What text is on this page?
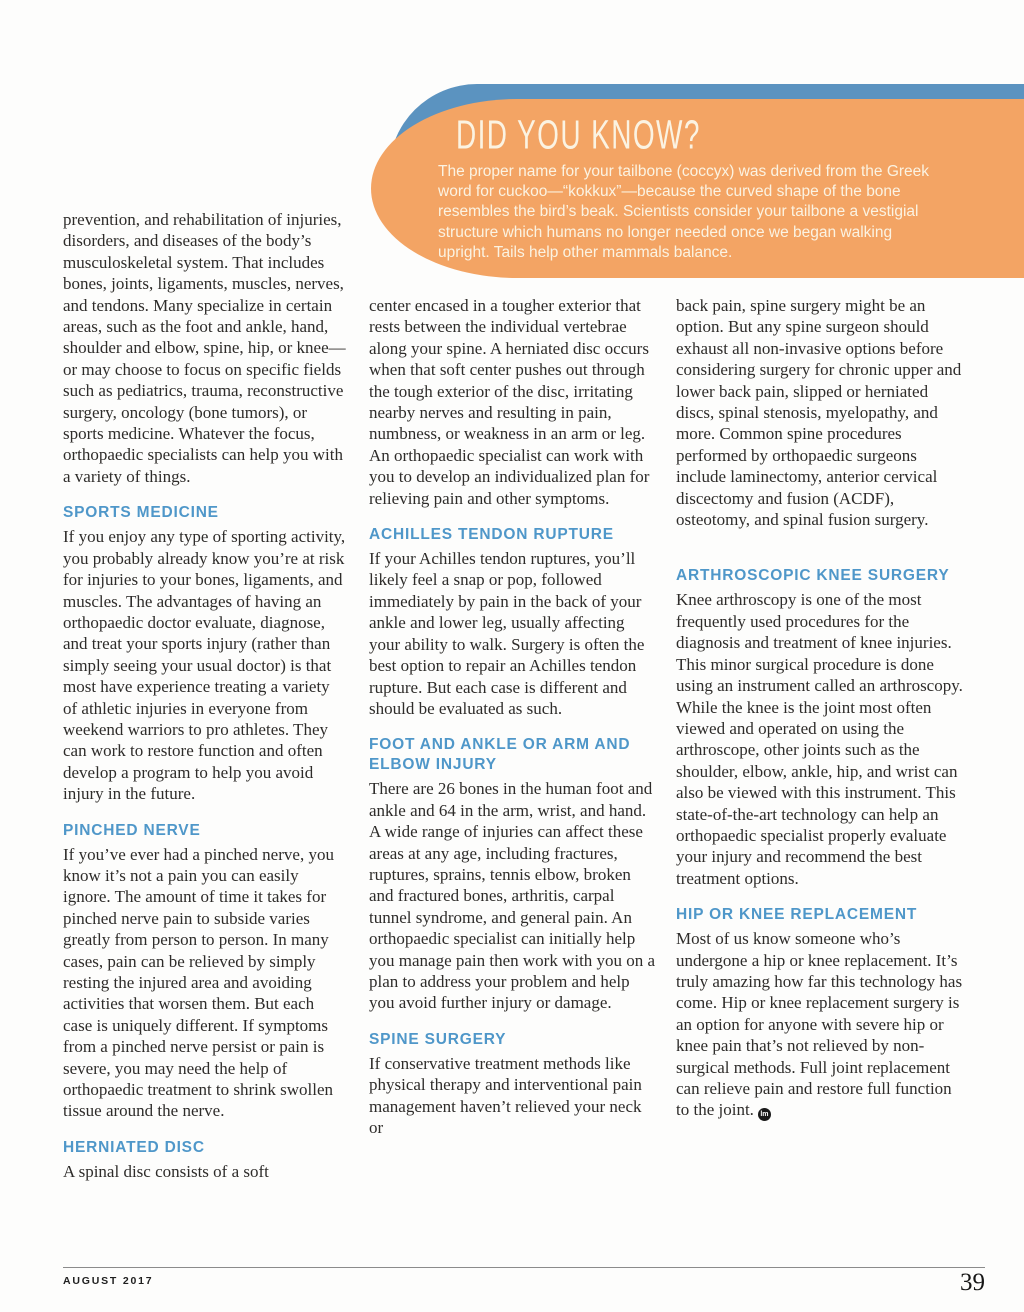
DID YOU KNOW?
The proper name for your tailbone (coccyx) was derived from the Greek word for cuckoo—“kokkux”—because the curved shape of the bone resembles the bird’s beak. Scientists consider your tailbone a vestigial structure which humans no longer needed once we began walking upright. Tails help other mammals balance.

prevention, and rehabilitation of injuries, disorders, and diseases of the body’s musculoskeletal system. That includes bones, joints, ligaments, muscles, nerves, and tendons. Many specialize in certain areas, such as the foot and ankle, hand, shoulder and elbow, spine, hip, or knee—or may choose to focus on specific fields such as pediatrics, trauma, reconstructive surgery, oncology (bone tumors), or sports medicine. Whatever the focus, orthopaedic specialists can help you with a variety of things.

SPORTS MEDICINE

If you enjoy any type of sporting activity, you probably already know you’re at risk for injuries to your bones, ligaments, and muscles. The advantages of having an orthopaedic doctor evaluate, diagnose, and treat your sports injury (rather than simply seeing your usual doctor) is that most have experience treating a variety of athletic injuries in everyone from weekend warriors to pro athletes. They can work to restore function and often develop a program to help you avoid injury in the future.

PINCHED NERVE

If you’ve ever had a pinched nerve, you know it’s not a pain you can easily ignore. The amount of time it takes for pinched nerve pain to subside varies greatly from person to person. In many cases, pain can be relieved by simply resting the injured area and avoiding activities that worsen them. But each case is uniquely different. If symptoms from a pinched nerve persist or pain is severe, you may need the help of orthopaedic treatment to shrink swollen tissue around the nerve.

HERNIATED DISC

A spinal disc consists of a soft

center encased in a tougher exterior that rests between the individual vertebrae along your spine. A herniated disc occurs when that soft center pushes out through the tough exterior of the disc, irritating nearby nerves and resulting in pain, numbness, or weakness in an arm or leg. An orthopaedic specialist can work with you to develop an individualized plan for relieving pain and other symptoms.

ACHILLES TENDON RUPTURE

If your Achilles tendon ruptures, you’ll likely feel a snap or pop, followed immediately by pain in the back of your ankle and lower leg, usually affecting your ability to walk. Surgery is often the best option to repair an Achilles tendon rupture. But each case is different and should be evaluated as such.

FOOT AND ANKLE OR ARM AND ELBOW INJURY

There are 26 bones in the human foot and ankle and 64 in the arm, wrist, and hand. A wide range of injuries can affect these areas at any age, including fractures, ruptures, sprains, tennis elbow, broken and fractured bones, arthritis, carpal tunnel syndrome, and general pain. An orthopaedic specialist can initially help you manage pain then work with you on a plan to address your problem and help you avoid further injury or damage.

SPINE SURGERY

If conservative treatment methods like physical therapy and interventional pain management haven’t relieved your neck or

back pain, spine surgery might be an option. But any spine surgeon should exhaust all non-invasive options before considering surgery for chronic upper and lower back pain, slipped or herniated discs, spinal stenosis, myelopathy, and more. Common spine procedures performed by orthopaedic surgeons include laminectomy, anterior cervical discectomy and fusion (ACDF), osteotomy, and spinal fusion surgery.

ARTHROSCOPIC KNEE SURGERY

Knee arthroscopy is one of the most frequently used procedures for the diagnosis and treatment of knee injuries. This minor surgical procedure is done using an instrument called an arthroscopy. While the knee is the joint most often viewed and operated on using the arthroscope, other joints such as the shoulder, elbow, ankle, hip, and wrist can also be viewed with this instrument. This state-of-the-art technology can help an orthopaedic specialist properly evaluate your injury and recommend the best treatment options.

HIP OR KNEE REPLACEMENT

Most of us know someone who’s undergone a hip or knee replacement. It’s truly amazing how far this technology has come. Hip or knee replacement surgery is an option for anyone with severe hip or knee pain that’s not relieved by non-surgical methods. Full joint replacement can relieve pain and restore full function to the joint. lm

AUGUST 2017	39
